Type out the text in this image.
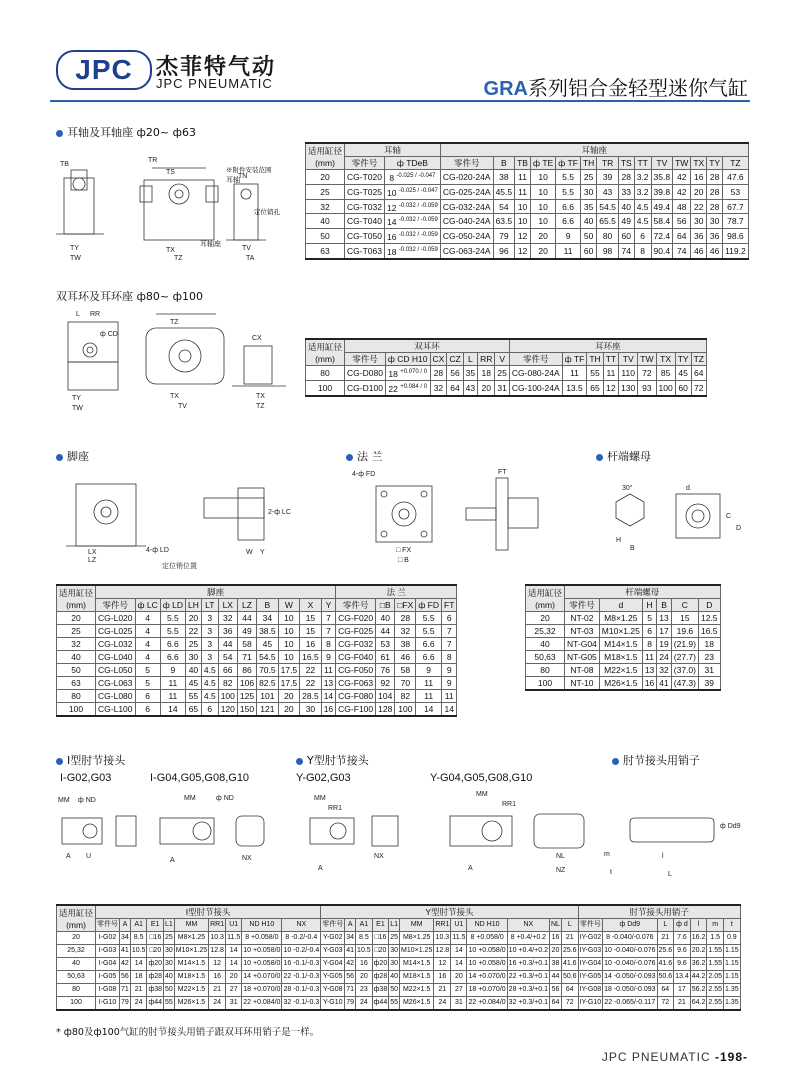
JPC 杰菲特气动
JPC PNEUMATIC	GRA系列铝合金轻型迷你气缸
耳轴及耳轴座 ф20~ ф63
※附件安装范围
耳轴
耳轴座
定位销孔
TB
TY
TW
TR
TS
TX
TZ
TN
TV
TA
适用缸径
(mm)	耳轴		耳轴座													
	零件号	ф TDeB	零件号	B	TB	ф TE	ф TF	TH	TR	TS	TT	TV	TW	TX	TY	TZ
20	CG-T020	8 $^{-0.025 / -0.047}$	CG-020-24A	38	11	10	5.5	25	39	28	3.2	35.8	42	16	28	47.6
25	CG-T025	10 $^{-0.025 / -0.047}$	CG-025-24A	45.5	11	10	5.5	30	43	33	3.2	39.8	42	20	28	53
32	CG-T032	12 $^{-0.032 / -0.059}$	CG-032-24A	54	10	10	6.6	35	54.5	40	4.5	49.4	48	22	28	67.7
40	CG-T040	14 $^{-0.032 / -0.059}$	CG-040-24A	63.5	10	10	6.6	40	65.5	49	4.5	58.4	56	30	30	78.7
50	CG-T050	16 $^{-0.032 / -0.059}$	CG-050-24A	79	12	20	9	50	80	60	6	72.4	64	36	36	98.6
63	CG-T063	18 $^{-0.032 / -0.059}$	CG-063-24A	96	12	20	11	60	98	74	8	90.4	74	46	46	119.2
双耳环及耳环座 ф80~ ф100
L RR
ф CD
TY
TW
TZ
TX
TV
CX
TX
TZ
适用缸径
(mm)	双耳环							耳环座								
	零件号	ф CD H10	CX	CZ	L	RR	V	零件号	ф TF	TH	TT	TV	TW	TX	TY	TZ
80	CG-D080	18 $^{+0.070 / 0}$	28	56	35	18	25	CG-080-24A	11	55	11	110	72	85	45	64
100	CG-D100	22 $^{+0.084 / 0}$	32	64	43	20	31	CG-100-24A	13.5	65	12	130	93	100	60	72
脚座	法 兰	杆端螺母
LX
LZ
4-ф LD
定位销位置
2-ф LC
W Y
4-ф FD
□ FX
□ B
FT
30°
H
B
d
C
D
适用缸径
(mm)	脚座											法 兰				
	零件号	ф LC	ф LD	LH	LT	LX	LZ	B	W	X	Y	零件号	□B	□FX	ф FD	FT
20	CG-L020	4	5.5	20	3	32	44	34	10	15	7	CG-F020	40	28	5.5	6
25	CG-L025	4	5.5	22	3	36	49	38.5	10	15	7	CG-F025	44	32	5.5	7
32	CG-L032	4	6.6	25	3	44	58	45	10	16	8	CG-F032	53	38	6.6	7
40	CG-L040	4	6.6	30	3	54	71	54.5	10	16.5	9	CG-F040	61	46	6.6	8
50	CG-L050	5	9	40	4.5	66	86	70.5	17.5	22	11	CG-F050	76	58	9	9
63	CG-L063	5	11	45	4.5	82	106	82.5	17.5	22	13	CG-F063	92	70	11	9
80	CG-L080	6	11	55	4.5	100	125	101	20	28.5	14	CG-F080	104	82	11	11
100	CG-L100	6	14	65	6	120	150	121	20	30	16	CG-F100	128	100	14	14
适用缸径
(mm)	杆端螺母					
	零件号	d	H	B	C	D
20	NT-02	M8×1.25	5	13	15	12.5
25,32	NT-03	M10×1.25	6	17	19.6	16.5
40	NT-G04	M14×1.5	8	19	(21.9)	18
50,63	NT-G05	M18×1.5	11	24	(27.7)	23
80	NT-08	M22×1.5	13	32	(37.0)	31
100	NT-10	M26×1.5	16	41	(47.3)	39
I型肘节接头	Y型肘节接头	肘节接头用销子
I-G02,G03	I-G04,G05,G08,G10	Y-G02,G03	Y-G04,G05,G08,G10
MM ф ND
A U
MM	ф ND
A	NX
MM
RR1
A
NX
MM
RR1
A
NL
NZ
ф Dd9
l
m
t	L
适用缸径
(mm)	I型肘节接头										Y型肘节接头												肘节接头用销子						
	零件号	A	A1	E1	L1	MM	RR1	U1	ND H10	NX	零件号	A	A1	E1	L1	MM	RR1	U1	ND H10	NX	NL	L	零件号	ф Dd9	L	ф d	l	m	t
20	I-G02	34	8.5	□16	25	M8×1.25	10.3	11.5	8 +0.058/0	8 -0.2/-0.4	Y-G02	34	8.5	□16	25	M8×1.25	10.3	11.5	8 +0.058/0	8 +0.4/+0.2	16	21	IY-G02	8 -0.040/-0.076	21	7.6	16.2	1.5	0.9
25,32	I-G03	41	10.5	□20	30	M10×1.25	12.8	14	10 +0.058/0	10 -0.2/-0.4	Y-G03	41	10.5	□20	30	M10×1.25	12.8	14	10 +0.058/0	10 +0.4/+0.2	20	25.6	IY-G03	10 -0.040/-0.076	25.6	9.6	20.2	1.55	1.15
40	I-G04	42	14	ф20	30	M14×1.5	12	14	10 +0.058/0	16 -0.1/-0.3	Y-G04	42	16	ф20	30	M14×1.5	12	14	10 +0.058/0	16 +0.3/+0.1	38	41.6	IY-G04	10 -0.040/-0.076	41.6	9.6	36.2	1.55	1.15
50,63	I-G05	56	18	ф28	40	M18×1.5	16	20	14 +0.070/0	22 -0.1/-0.3	Y-G05	56	20	ф28	40	M18×1.5	16	20	14 +0.070/0	22 +0.3/+0.1	44	50.6	IY-G05	14 -0.050/-0.093	50.6	13.4	44.2	2.05	1.15
80	I-G08	71	21	ф38	50	M22×1.5	21	27	18 +0.070/0	28 -0.1/-0.3	Y-G08	71	23	ф38	50	M22×1.5	21	27	18 +0.070/0	28 +0.3/+0.1	56	64	IY-G08	18 -0.050/-0.093	64	17	56.2	2.55	1.35
100	I-G10	79	24	ф44	55	M26×1.5	24	31	22 +0.084/0	32 -0.1/-0.3	Y-G10	79	24	ф44	55	M26×1.5	24	31	22 +0.084/0	32 +0.3/+0.1	64	72	IY-G10	22 -0.065/-0.117	72	21	64.2	2.55	1.35
* ф80及ф100气缸的肘节接头用销子跟双耳环用销子是一样。
JPC PNEUMATIC -198-
